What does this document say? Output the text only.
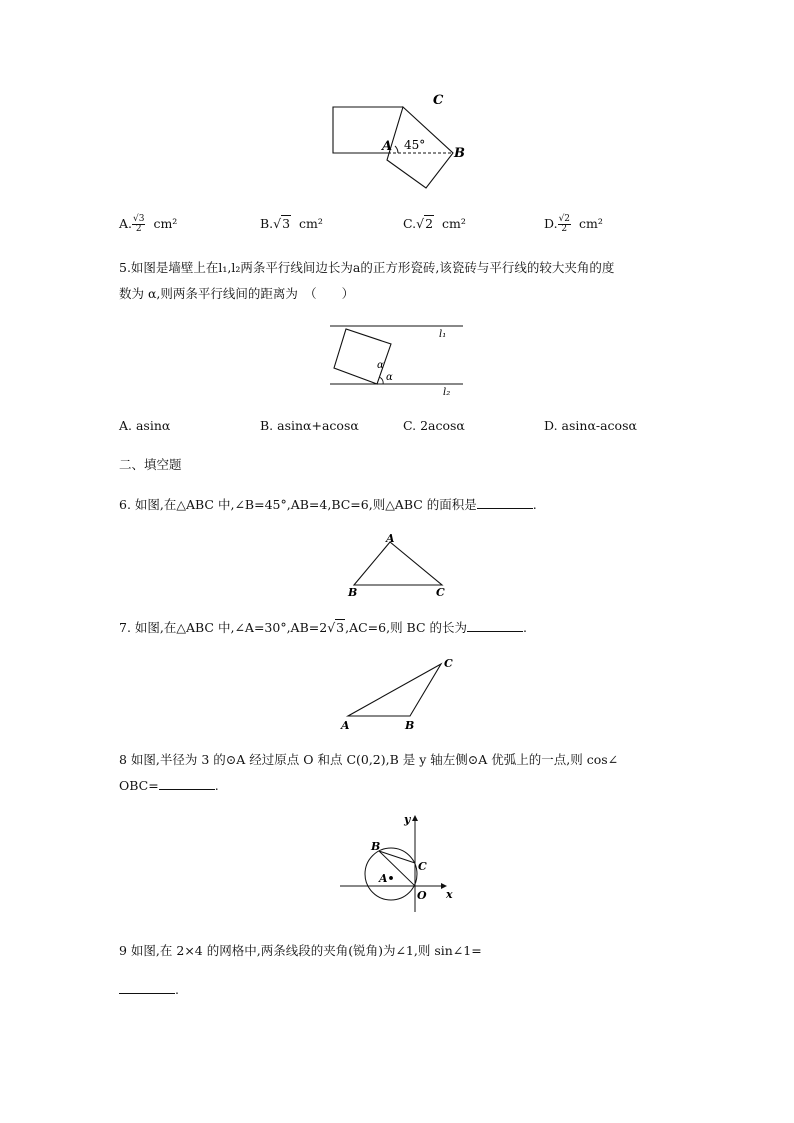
C
A	B
45°
A. $\frac{√3}{2} cm^2$	B.√3 cm²	C.√2 cm²	D. $\frac{√2}{2} cm^2$
5.如图是墙壁上在l₁,l₂两条平行线间边长为a的正方形瓷砖,该瓷砖与平行线的较大夹角的度
数为 α,则两条平行线间的距离为　（　　）
l₁
l₂
α
α
A. asinα	B. asinα+acosα	C. 2acosα	D. asinα-acosα
二、填空题
6. 如图,在△ABC 中,∠B=45°,AB=4,BC=6,则△ABC 的面积是	.
A
B	C
7. 如图,在△ABC 中,∠A=30°,AB=2√3,AC=6,则 BC 的长为	.
A	B
C
8 如图,半径为 3 的⊙A 经过原点 O 和点 C(0,2),B 是 y 轴左侧⊙A 优弧上的一点,则 cos∠
OBC=	.
y
x
O
B
C
A•
9 如图,在 2×4 的网格中,两条线段的夹角(锐角)为∠1,则 sin∠1=
.
